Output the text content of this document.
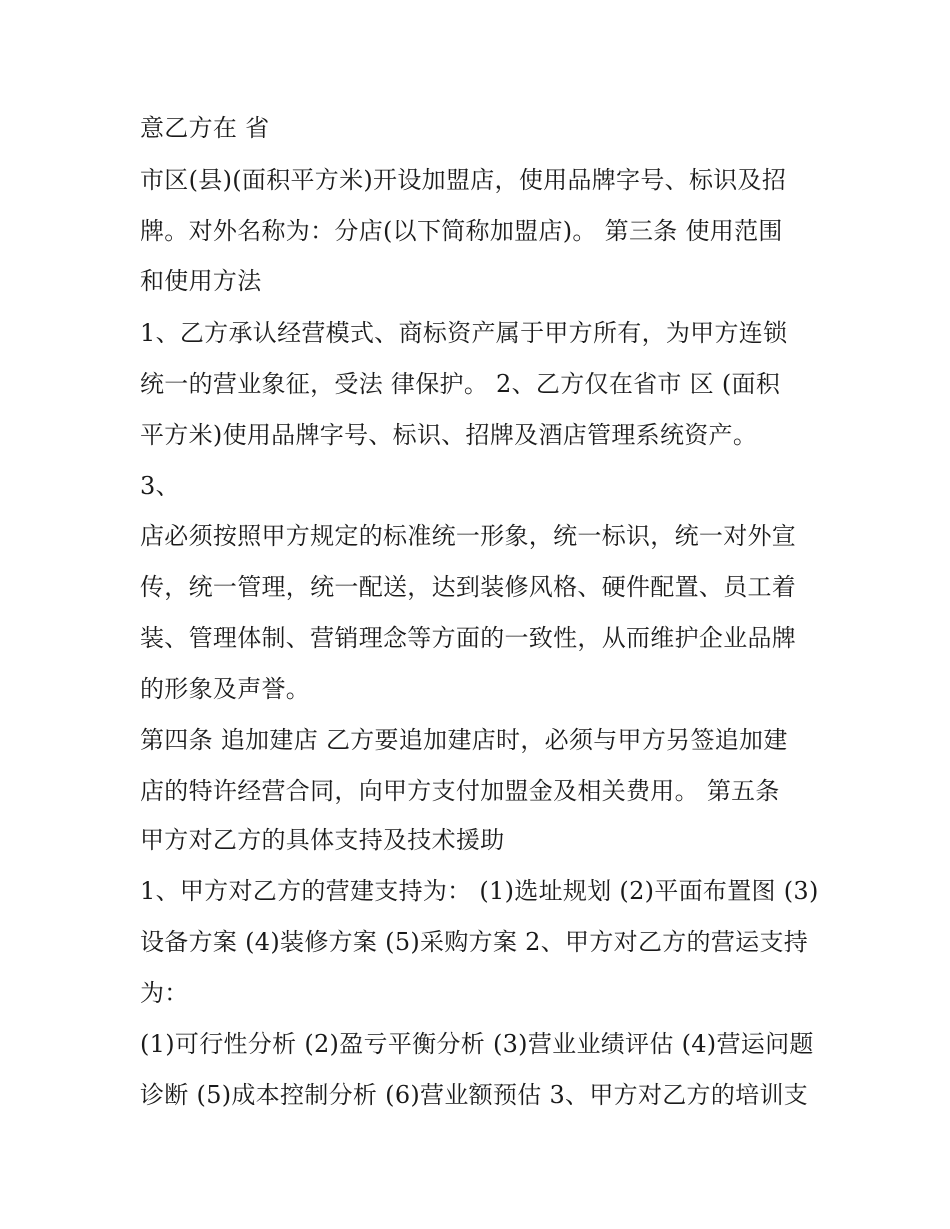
意乙方在 省
市区(县)(面积平方米)开设加盟店，使用品牌字号、标识及招
牌。对外名称为：分店(以下简称加盟店)。 第三条 使用范围
和使用方法
1、乙方承认经营模式、商标资产属于甲方所有，为甲方连锁
统一的营业象征，受法 律保护。 2、乙方仅在省市 区 (面积
平方米)使用品牌字号、标识、招牌及酒店管理系统资产。
3、
店必须按照甲方规定的标准统一形象，统一标识，统一对外宣
传，统一管理，统一配送，达到装修风格、硬件配置、员工着
装、管理体制、营销理念等方面的一致性，从而维护企业品牌
的形象及声誉。
第四条 追加建店 乙方要追加建店时，必须与甲方另签追加建
店的特许经营合同，向甲方支付加盟金及相关费用。 第五条
甲方对乙方的具体支持及技术援助
1、甲方对乙方的营建支持为： (1)选址规划 (2)平面布置图 (3)
设备方案 (4)装修方案 (5)采购方案 2、甲方对乙方的营运支持
为：
(1)可行性分析 (2)盈亏平衡分析 (3)营业业绩评估 (4)营运问题
诊断 (5)成本控制分析 (6)营业额预估 3、甲方对乙方的培训支
